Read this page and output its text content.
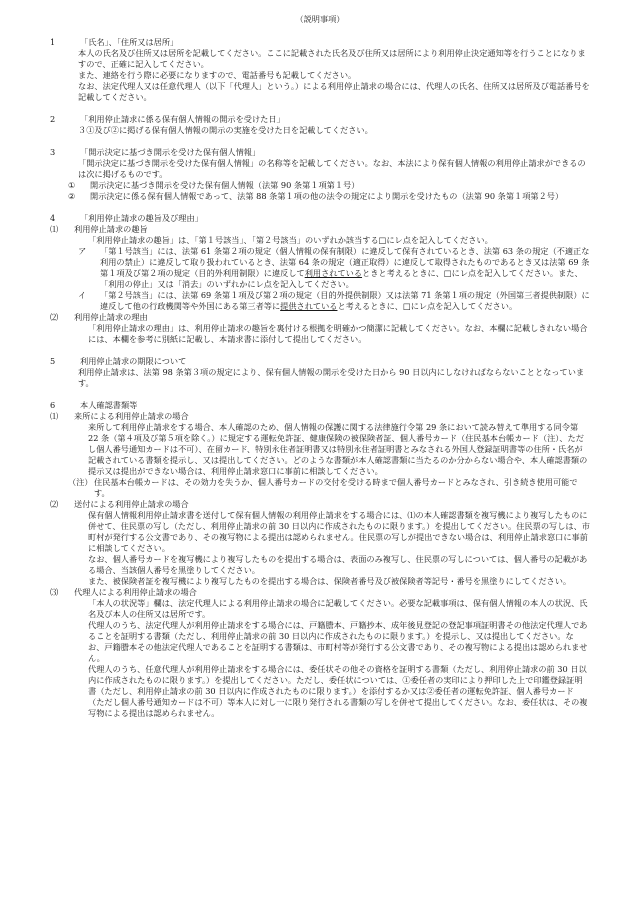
（説明事項）
1	「氏名」、「住所又は居所」

本人の氏名及び住所又は居所を記載してください。ここに記載された氏名及び住所又は居所により利用停止決定通知等を行うことになりますので、正確に記入してください。

また、連絡を行う際に必要になりますので、電話番号も記載してください。

なお、法定代理人又は任意代理人（以下「代理人」という。）による利用停止請求の場合には、代理人の氏名、住所又は居所及び電話番号を記載してください。

2	「利用停止請求に係る保有個人情報の開示を受けた日」

３①及び②に掲げる保有個人情報の開示の実施を受けた日を記載してください。

3	「開示決定に基づき開示を受けた保有個人情報」

「開示決定に基づき開示を受けた保有個人情報」の名称等を記載してください。なお、本法により保有個人情報の利用停止請求ができるのは次に掲げるものです。

①	開示決定に基づき開示を受けた保有個人情報（法第 90 条第１項第１号）
②	開示決定に係る保有個人情報であって、法第 88 条第１項の他の法令の規定により開示を受けたもの（法第 90 条第１項第２号）
4	「利用停止請求の趣旨及び理由」
⑴	利用停止請求の趣旨

「利用停止請求の趣旨」は、「第１号該当」、「第２号該当」のいずれか該当する□にレ点を記入してください。

ア	「第１号該当」には、法第 61 条第２項の規定（個人情報の保有制限）に違反して保有されているとき、法第 63 条の規定（不適正な利用の禁止）に違反して取り扱われているとき、法第 64 条の規定（適正取得）に違反して取得されたものであるとき又は法第 69 条第１項及び第２項の規定（目的外利用制限）に違反して利用されているときと考えるときに、□にレ点を記入してください。また、「利用の停止」又は「消去」のいずれかにレ点を記入してください。
イ	「第２号該当」には、法第 69 条第１項及び第２項の規定（目的外提供制限）又は法第 71 条第１項の規定（外国第三者提供制限）に違反して他の行政機関等や外国にある第三者等に提供されていると考えるときに、□にレ点を記入してください。
⑵	利用停止請求の理由

「利用停止請求の理由」は、利用停止請求の趣旨を裏付ける根拠を明確かつ簡潔に記載してください。なお、本欄に記載しきれない場合には、本欄を参考に別紙に記載し、本請求書に添付して提出してください。

5	利用停止請求の期限について

利用停止請求は、法第 98 条第３項の規定により、保有個人情報の開示を受けた日から 90 日以内にしなければならないこととなっています。

6	本人確認書類等
⑴	来所による利用停止請求の場合

来所して利用停止請求をする場合、本人確認のため、個人情報の保護に関する法律施行令第 29 条において読み替えて準用する同令第 22 条（第４項及び第５項を除く。）に規定する運転免許証、健康保険の被保険者証、個人番号カード（住民基本台帳カード（注）、ただし個人番号通知カードは不可）、在留カード、特別永住者証明書又は特別永住者証明書とみなされる外国人登録証明書等の住所・氏名が記載されている書類を提示し、又は提出してください。どのような書類が本人確認書類に当たるのか分からない場合や、本人確認書類の提示又は提出ができない場合は、利用停止請求窓口に事前に相談してください。

（注） 住民基本台帳カードは、その効力を失うか、個人番号カードの交付を受ける時まで個人番号カードとみなされ、引き続き使用可能です。
⑵	送付による利用停止請求の場合

保有個人情報利用停止請求書を送付して保有個人情報の利用停止請求をする場合には、⑴の本人確認書類を複写機により複写したものに併せて、住民票の写し（ただし、利用停止請求の前 30 日以内に作成されたものに限ります。）を提出してください。住民票の写しは、市町村が発行する公文書であり、その複写物による提出は認められません。住民票の写しが提出できない場合は、利用停止請求窓口に事前に相談してください。

なお、個人番号カードを複写機により複写したものを提出する場合は、表面のみ複写し、住民票の写しについては、個人番号の記載がある場合、当該個人番号を黒塗りしてください。

また、被保険者証を複写機により複写したものを提出する場合は、保険者番号及び被保険者等記号・番号を黒塗りにしてください。

⑶	代理人による利用停止請求の場合

「本人の状況等」欄は、法定代理人による利用停止請求の場合に記載してください。必要な記載事項は、保有個人情報の本人の状況、氏名及び本人の住所又は居所です。

代理人のうち、法定代理人が利用停止請求をする場合には、戸籍謄本、戸籍抄本、成年後見登記の登記事項証明書その他法定代理人であることを証明する書類（ただし、利用停止請求の前 30 日以内に作成されたものに限ります。）を提示し、又は提出してください。なお、戸籍謄本その他法定代理人であることを証明する書類は、市町村等が発行する公文書であり、その複写物による提出は認められません。

代理人のうち、任意代理人が利用停止請求をする場合には、委任状その他その資格を証明する書類（ただし、利用停止請求の前 30 日以内に作成されたものに限ります。）を提出してください。ただし、委任状については、①委任者の実印により押印した上で印鑑登録証明書（ただし、利用停止請求の前 30 日以内に作成されたものに限ります。）を添付するか又は②委任者の運転免許証、個人番号カード（ただし個人番号通知カードは不可）等本人に対し一に限り発行される書類の写しを併せて提出してください。なお、委任状は、その複写物による提出は認められません。
